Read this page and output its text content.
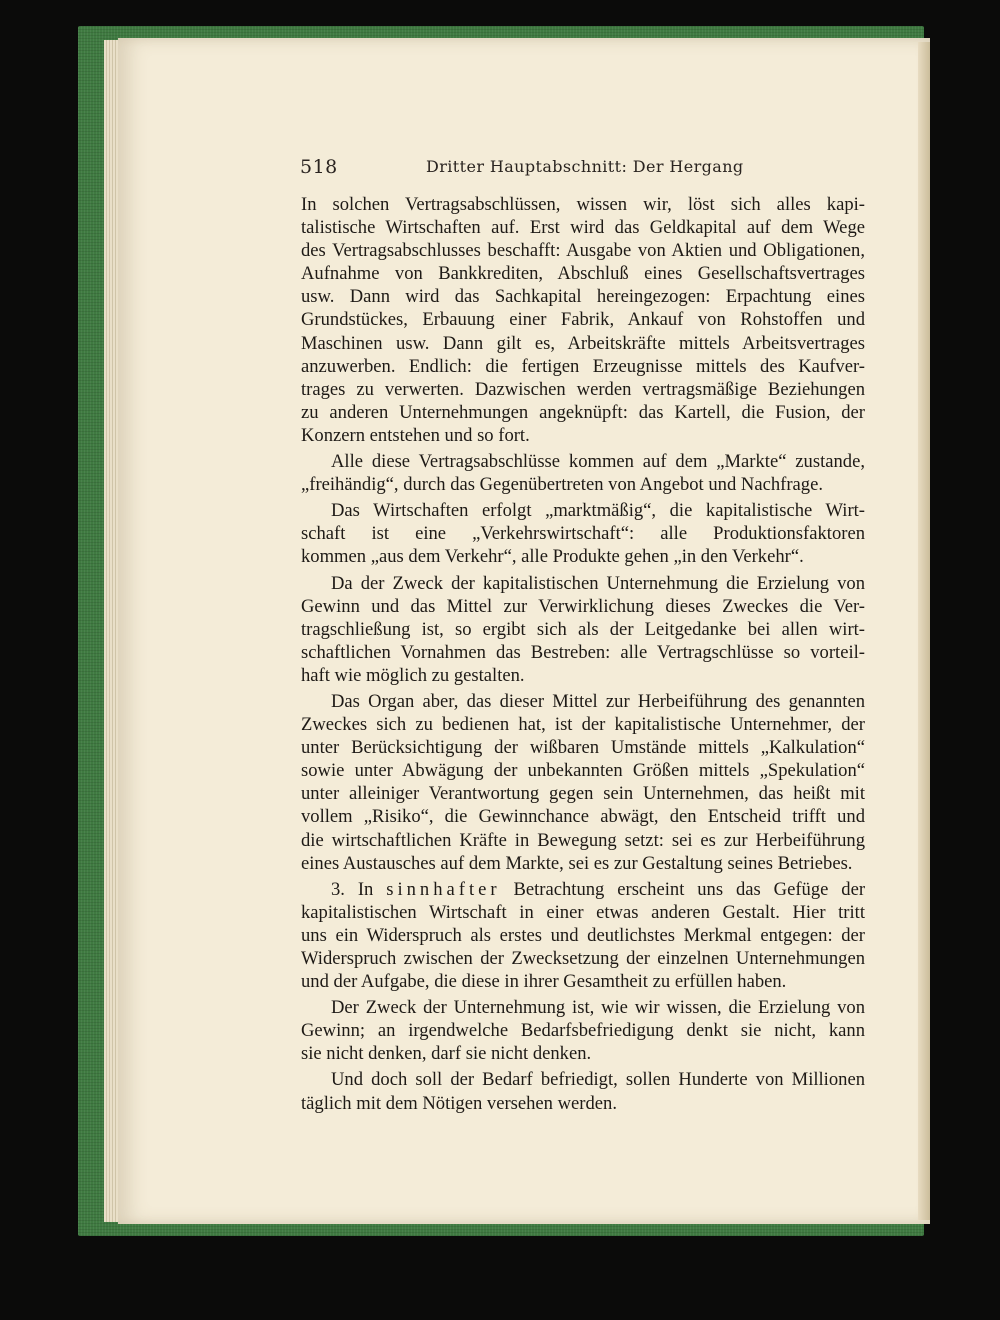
518	Dritter Hauptabschnitt: Der Hergang
In solchen Vertragsabschlüssen, wissen wir, löst sich alles kapi-
talistische Wirtschaften auf. Erst wird das Geldkapital auf dem Wege
des Vertragsabschlusses beschafft: Ausgabe von Aktien und Obligationen,
Aufnahme von Bankkrediten, Abschluß eines Gesellschaftsvertrages
usw. Dann wird das Sachkapital hereingezogen: Erpachtung eines
Grundstückes, Erbauung einer Fabrik, Ankauf von Rohstoffen und
Maschinen usw. Dann gilt es, Arbeitskräfte mittels Arbeitsvertrages
anzuwerben. Endlich: die fertigen Erzeugnisse mittels des Kaufver-
trages zu verwerten. Dazwischen werden vertragsmäßige Beziehungen
zu anderen Unternehmungen angeknüpft: das Kartell, die Fusion, der
Konzern entstehen und so fort.
Alle diese Vertragsabschlüsse kommen auf dem „Markte“ zustande,
„freihändig“, durch das Gegenübertreten von Angebot und Nachfrage.
Das Wirtschaften erfolgt „marktmäßig“, die kapitalistische Wirt-
schaft ist eine „Verkehrswirtschaft“: alle Produktionsfaktoren
kommen „aus dem Verkehr“, alle Produkte gehen „in den Verkehr“.
Da der Zweck der kapitalistischen Unternehmung die Erzielung von
Gewinn und das Mittel zur Verwirklichung dieses Zweckes die Ver-
tragschließung ist, so ergibt sich als der Leitgedanke bei allen wirt-
schaftlichen Vornahmen das Bestreben: alle Vertragschlüsse so vorteil-
haft wie möglich zu gestalten.
Das Organ aber, das dieser Mittel zur Herbeiführung des genannten
Zweckes sich zu bedienen hat, ist der kapitalistische Unternehmer, der
unter Berücksichtigung der wißbaren Umstände mittels „Kalkulation“
sowie unter Abwägung der unbekannten Größen mittels „Spekulation“
unter alleiniger Verantwortung gegen sein Unternehmen, das heißt mit
vollem „Risiko“, die Gewinnchance abwägt, den Entscheid trifft und
die wirtschaftlichen Kräfte in Bewegung setzt: sei es zur Herbeiführung
eines Austausches auf dem Markte, sei es zur Gestaltung seines Betriebes.
3. In sinnhafter Betrachtung erscheint uns das Gefüge der
kapitalistischen Wirtschaft in einer etwas anderen Gestalt. Hier tritt
uns ein Widerspruch als erstes und deutlichstes Merkmal entgegen: der
Widerspruch zwischen der Zwecksetzung der einzelnen Unternehmungen
und der Aufgabe, die diese in ihrer Gesamtheit zu erfüllen haben.
Der Zweck der Unternehmung ist, wie wir wissen, die Erzielung von
Gewinn; an irgendwelche Bedarfsbefriedigung denkt sie nicht, kann
sie nicht denken, darf sie nicht denken.
Und doch soll der Bedarf befriedigt, sollen Hunderte von Millionen
täglich mit dem Nötigen versehen werden.
